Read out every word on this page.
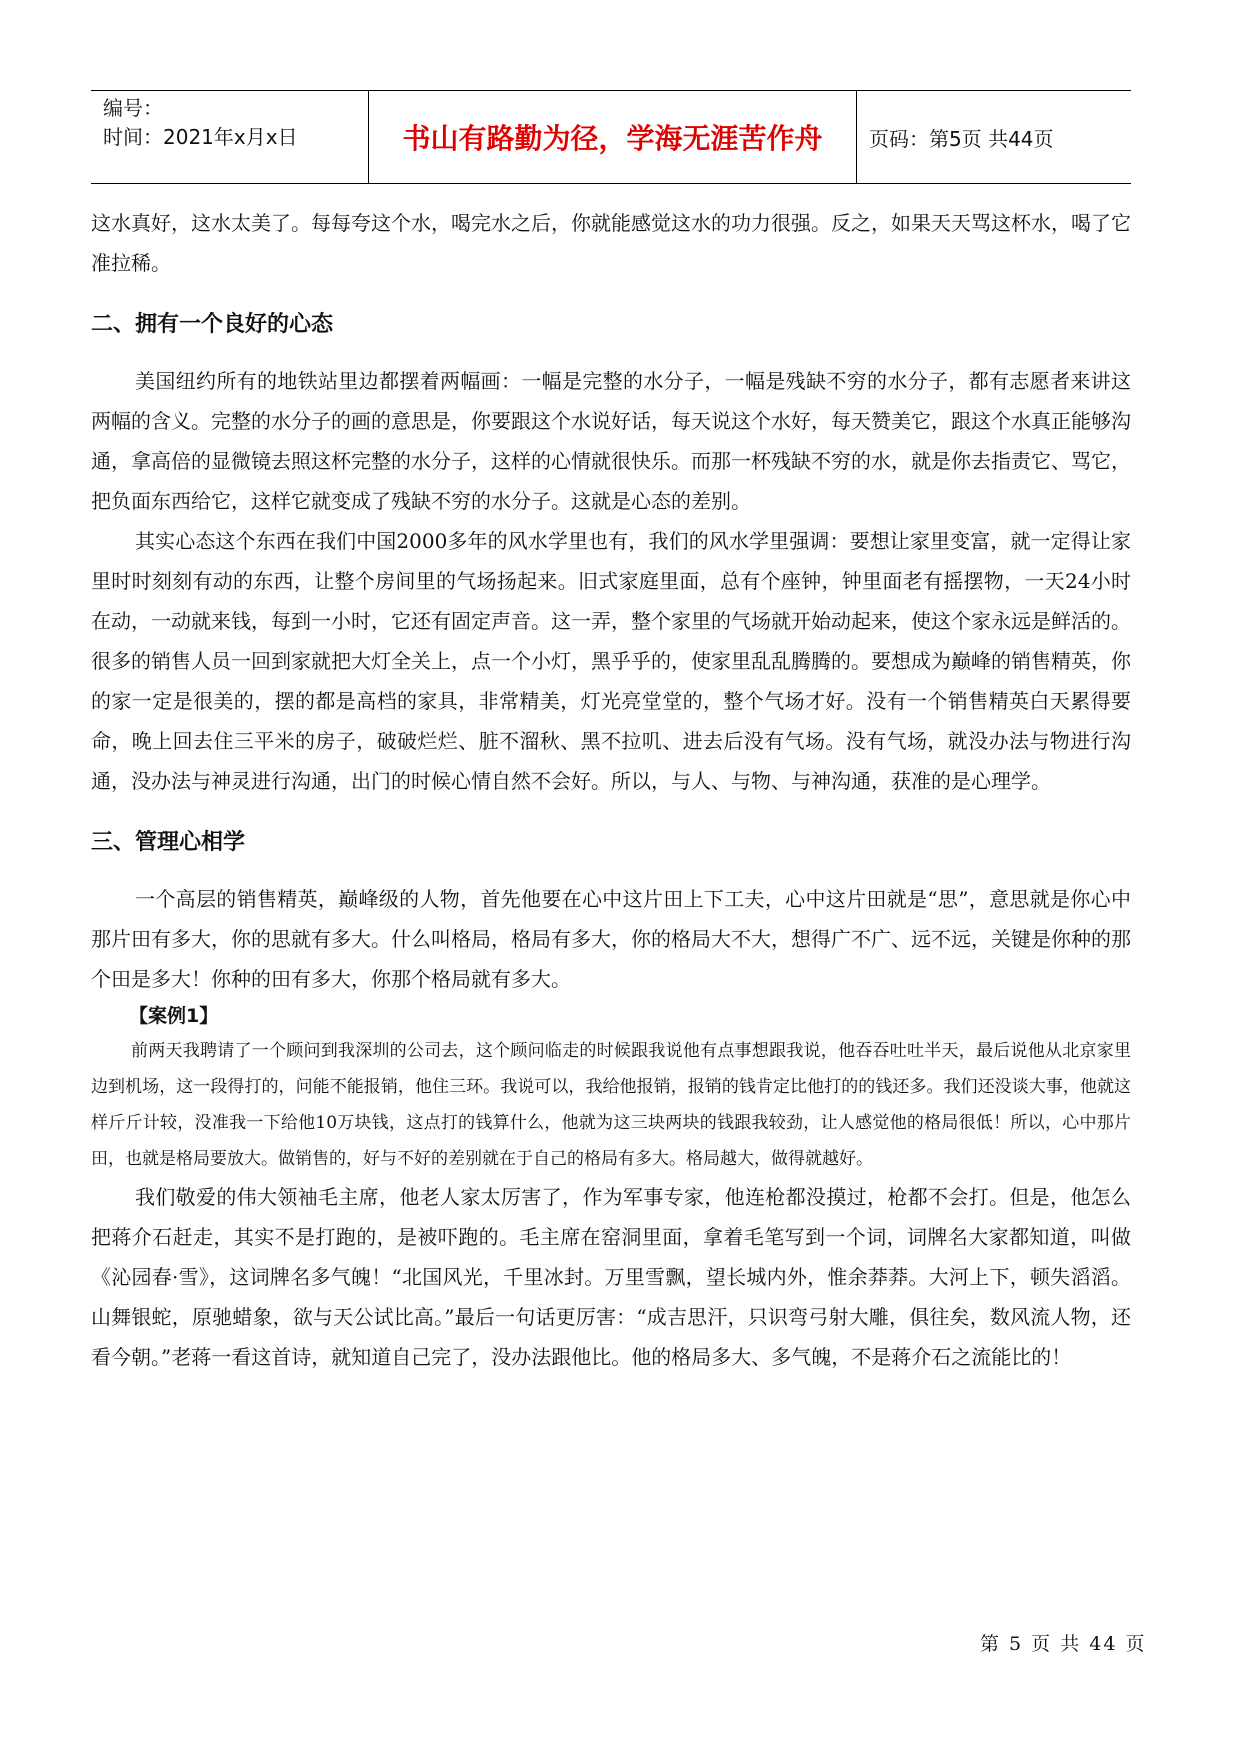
编号：
时间：2021年x月x日	书山有路勤为径，学海无涯苦作舟	页码：第5页 共44页

这水真好，这水太美了。每每夸这个水，喝完水之后，你就能感觉这水的功力很强。反之，如果天天骂这杯水，喝了它准拉稀。

二、拥有一个良好的心态

美国纽约所有的地铁站里边都摆着两幅画：一幅是完整的水分子，一幅是残缺不穷的水分子，都有志愿者来讲这两幅的含义。完整的水分子的画的意思是，你要跟这个水说好话，每天说这个水好，每天赞美它，跟这个水真正能够沟通，拿高倍的显微镜去照这杯完整的水分子，这样的心情就很快乐。而那一杯残缺不穷的水，就是你去指责它、骂它，把负面东西给它，这样它就变成了残缺不穷的水分子。这就是心态的差别。

其实心态这个东西在我们中国2000多年的风水学里也有，我们的风水学里强调：要想让家里变富，就一定得让家里时时刻刻有动的东西，让整个房间里的气场扬起来。旧式家庭里面，总有个座钟，钟里面老有摇摆物，一天24小时在动，一动就来钱，每到一小时，它还有固定声音。这一弄，整个家里的气场就开始动起来，使这个家永远是鲜活的。很多的销售人员一回到家就把大灯全关上，点一个小灯，黑乎乎的，使家里乱乱腾腾的。要想成为巅峰的销售精英，你的家一定是很美的，摆的都是高档的家具，非常精美，灯光亮堂堂的，整个气场才好。没有一个销售精英白天累得要命，晚上回去住三平米的房子，破破烂烂、脏不溜秋、黑不拉叽、进去后没有气场。没有气场，就没办法与物进行沟通，没办法与神灵进行沟通，出门的时候心情自然不会好。所以，与人、与物、与神沟通，获准的是心理学。

三、管理心相学

一个高层的销售精英，巅峰级的人物，首先他要在心中这片田上下工夫，心中这片田就是“思”，意思就是你心中那片田有多大，你的思就有多大。什么叫格局，格局有多大，你的格局大不大，想得广不广、远不远，关键是你种的那个田是多大！你种的田有多大，你那个格局就有多大。

【案例1】

前两天我聘请了一个顾问到我深圳的公司去，这个顾问临走的时候跟我说他有点事想跟我说，他吞吞吐吐半天，最后说他从北京家里边到机场，这一段得打的，问能不能报销，他住三环。我说可以，我给他报销，报销的钱肯定比他打的的钱还多。我们还没谈大事，他就这样斤斤计较，没准我一下给他10万块钱，这点打的钱算什么，他就为这三块两块的钱跟我较劲，让人感觉他的格局很低！所以，心中那片田，也就是格局要放大。做销售的，好与不好的差别就在于自己的格局有多大。格局越大，做得就越好。

我们敬爱的伟大领袖毛主席，他老人家太厉害了，作为军事专家，他连枪都没摸过，枪都不会打。但是，他怎么把蒋介石赶走，其实不是打跑的，是被吓跑的。毛主席在窑洞里面，拿着毛笔写到一个词，词牌名大家都知道，叫做《沁园春·雪》，这词牌名多气魄！“北国风光，千里冰封。万里雪飘，望长城内外，惟余莽莽。大河上下，顿失滔滔。山舞银蛇，原驰蜡象，欲与天公试比高。”最后一句话更厉害：“成吉思汗，只识弯弓射大雕，俱往矣，数风流人物，还看今朝。”老蒋一看这首诗，就知道自己完了，没办法跟他比。他的格局多大、多气魄，不是蒋介石之流能比的！

第 5 页 共 44 页
